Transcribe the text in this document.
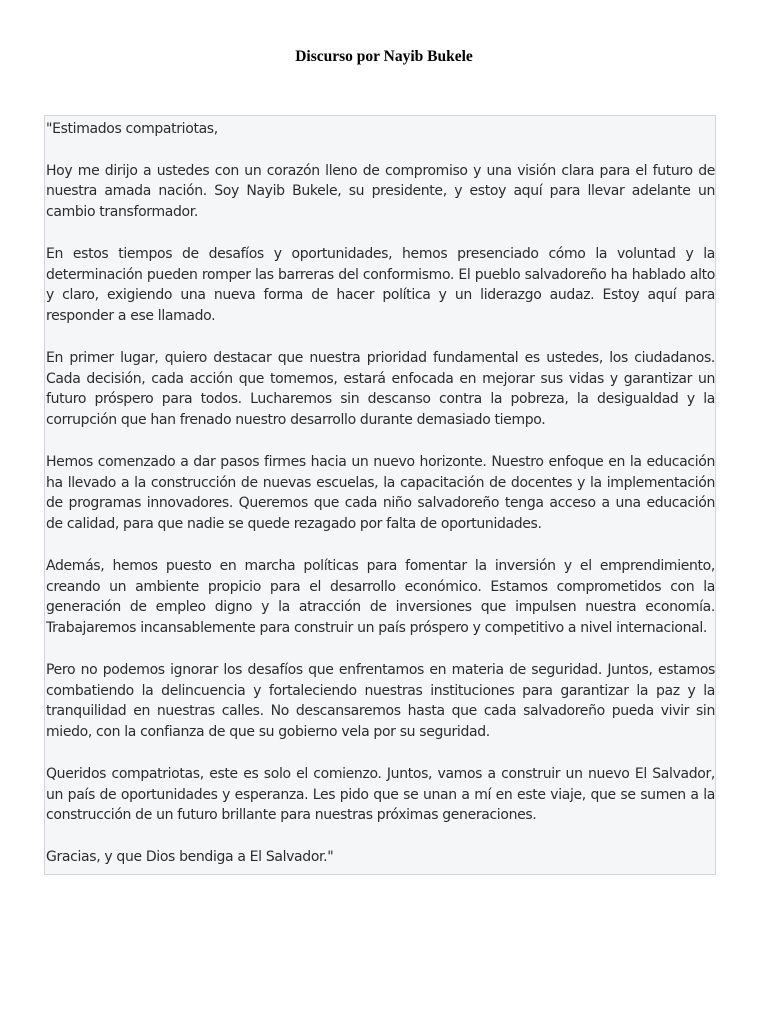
Discurso por Nayib Bukele

"Estimados compatriotas,

Hoy me dirijo a ustedes con un corazón lleno de compromiso y una visión clara para el futuro de nuestra amada nación. Soy Nayib Bukele, su presidente, y estoy aquí para llevar adelante un cambio transformador.

En estos tiempos de desafíos y oportunidades, hemos presenciado cómo la voluntad y la determinación pueden romper las barreras del conformismo. El pueblo salvadoreño ha hablado alto y claro, exigiendo una nueva forma de hacer política y un liderazgo audaz. Estoy aquí para responder a ese llamado.

En primer lugar, quiero destacar que nuestra prioridad fundamental es ustedes, los ciudadanos. Cada decisión, cada acción que tomemos, estará enfocada en mejorar sus vidas y garantizar un futuro próspero para todos. Lucharemos sin descanso contra la pobreza, la desigualdad y la corrupción que han frenado nuestro desarrollo durante demasiado tiempo.

Hemos comenzado a dar pasos firmes hacia un nuevo horizonte. Nuestro enfoque en la educación ha llevado a la construcción de nuevas escuelas, la capacitación de docentes y la implementación de programas innovadores. Queremos que cada niño salvadoreño tenga acceso a una educación de calidad, para que nadie se quede rezagado por falta de oportunidades.

Además, hemos puesto en marcha políticas para fomentar la inversión y el emprendimiento, creando un ambiente propicio para el desarrollo económico. Estamos comprometidos con la generación de empleo digno y la atracción de inversiones que impulsen nuestra economía. Trabajaremos incansablemente para construir un país próspero y competitivo a nivel internacional.

Pero no podemos ignorar los desafíos que enfrentamos en materia de seguridad. Juntos, estamos combatiendo la delincuencia y fortaleciendo nuestras instituciones para garantizar la paz y la tranquilidad en nuestras calles. No descansaremos hasta que cada salvadoreño pueda vivir sin miedo, con la confianza de que su gobierno vela por su seguridad.

Queridos compatriotas, este es solo el comienzo. Juntos, vamos a construir un nuevo El Salvador, un país de oportunidades y esperanza. Les pido que se unan a mí en este viaje, que se sumen a la construcción de un futuro brillante para nuestras próximas generaciones.

Gracias, y que Dios bendiga a El Salvador."
